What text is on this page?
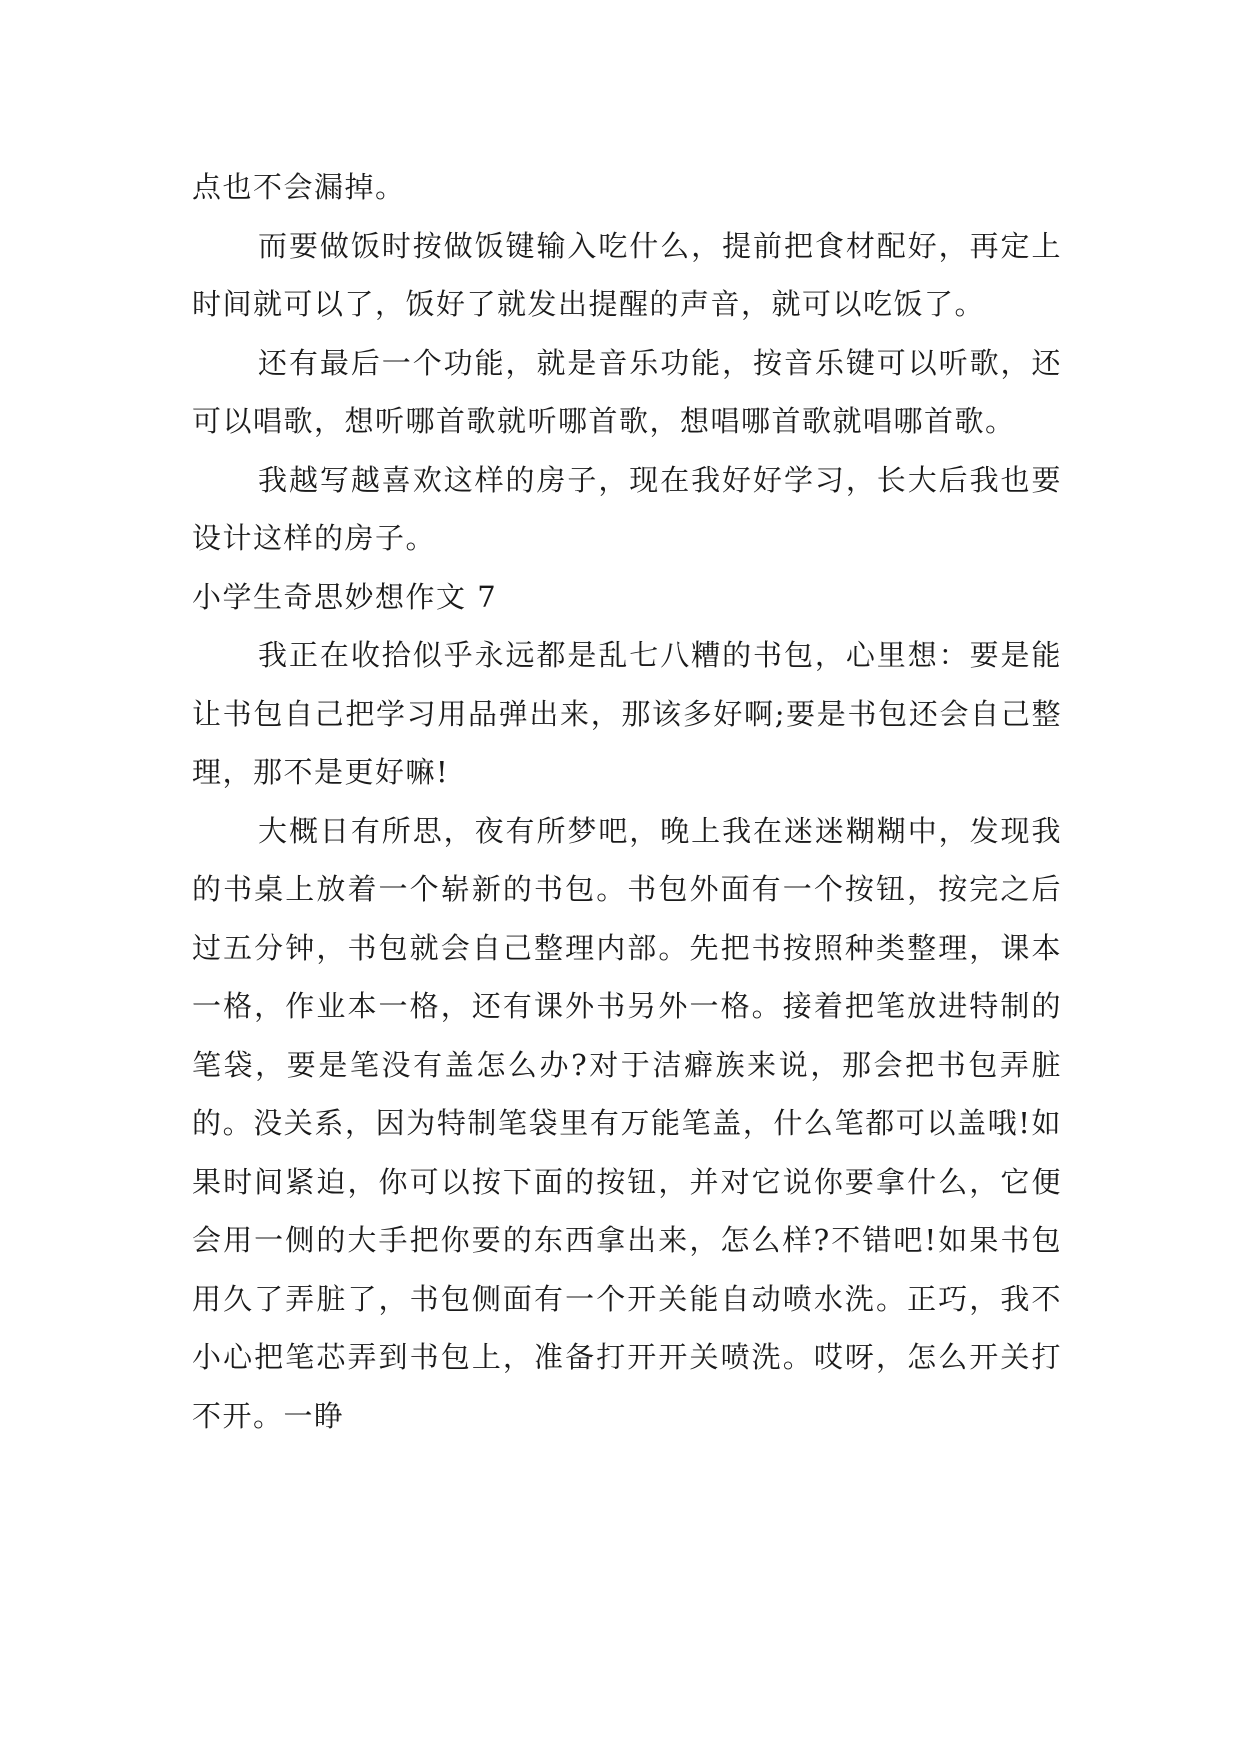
点也不会漏掉。

而要做饭时按做饭键输入吃什么，提前把食材配好，再定上时间就可以了，饭好了就发出提醒的声音，就可以吃饭了。

还有最后一个功能，就是音乐功能，按音乐键可以听歌，还可以唱歌，想听哪首歌就听哪首歌，想唱哪首歌就唱哪首歌。

我越写越喜欢这样的房子，现在我好好学习，长大后我也要设计这样的房子。

小学生奇思妙想作文 7

我正在收拾似乎永远都是乱七八糟的书包，心里想：要是能让书包自己把学习用品弹出来，那该多好啊;要是书包还会自己整理，那不是更好嘛!

大概日有所思，夜有所梦吧，晚上我在迷迷糊糊中，发现我的书桌上放着一个崭新的书包。书包外面有一个按钮，按完之后过五分钟，书包就会自己整理内部。先把书按照种类整理，课本一格，作业本一格，还有课外书另外一格。接着把笔放进特制的笔袋，要是笔没有盖怎么办?对于洁癖族来说，那会把书包弄脏的。没关系，因为特制笔袋里有万能笔盖，什么笔都可以盖哦!如果时间紧迫，你可以按下面的按钮，并对它说你要拿什么，它便会用一侧的大手把你要的东西拿出来，怎么样?不错吧!如果书包用久了弄脏了，书包侧面有一个开关能自动喷水洗。正巧，我不小心把笔芯弄到书包上，准备打开开关喷洗。哎呀，怎么开关打不开。一睁
